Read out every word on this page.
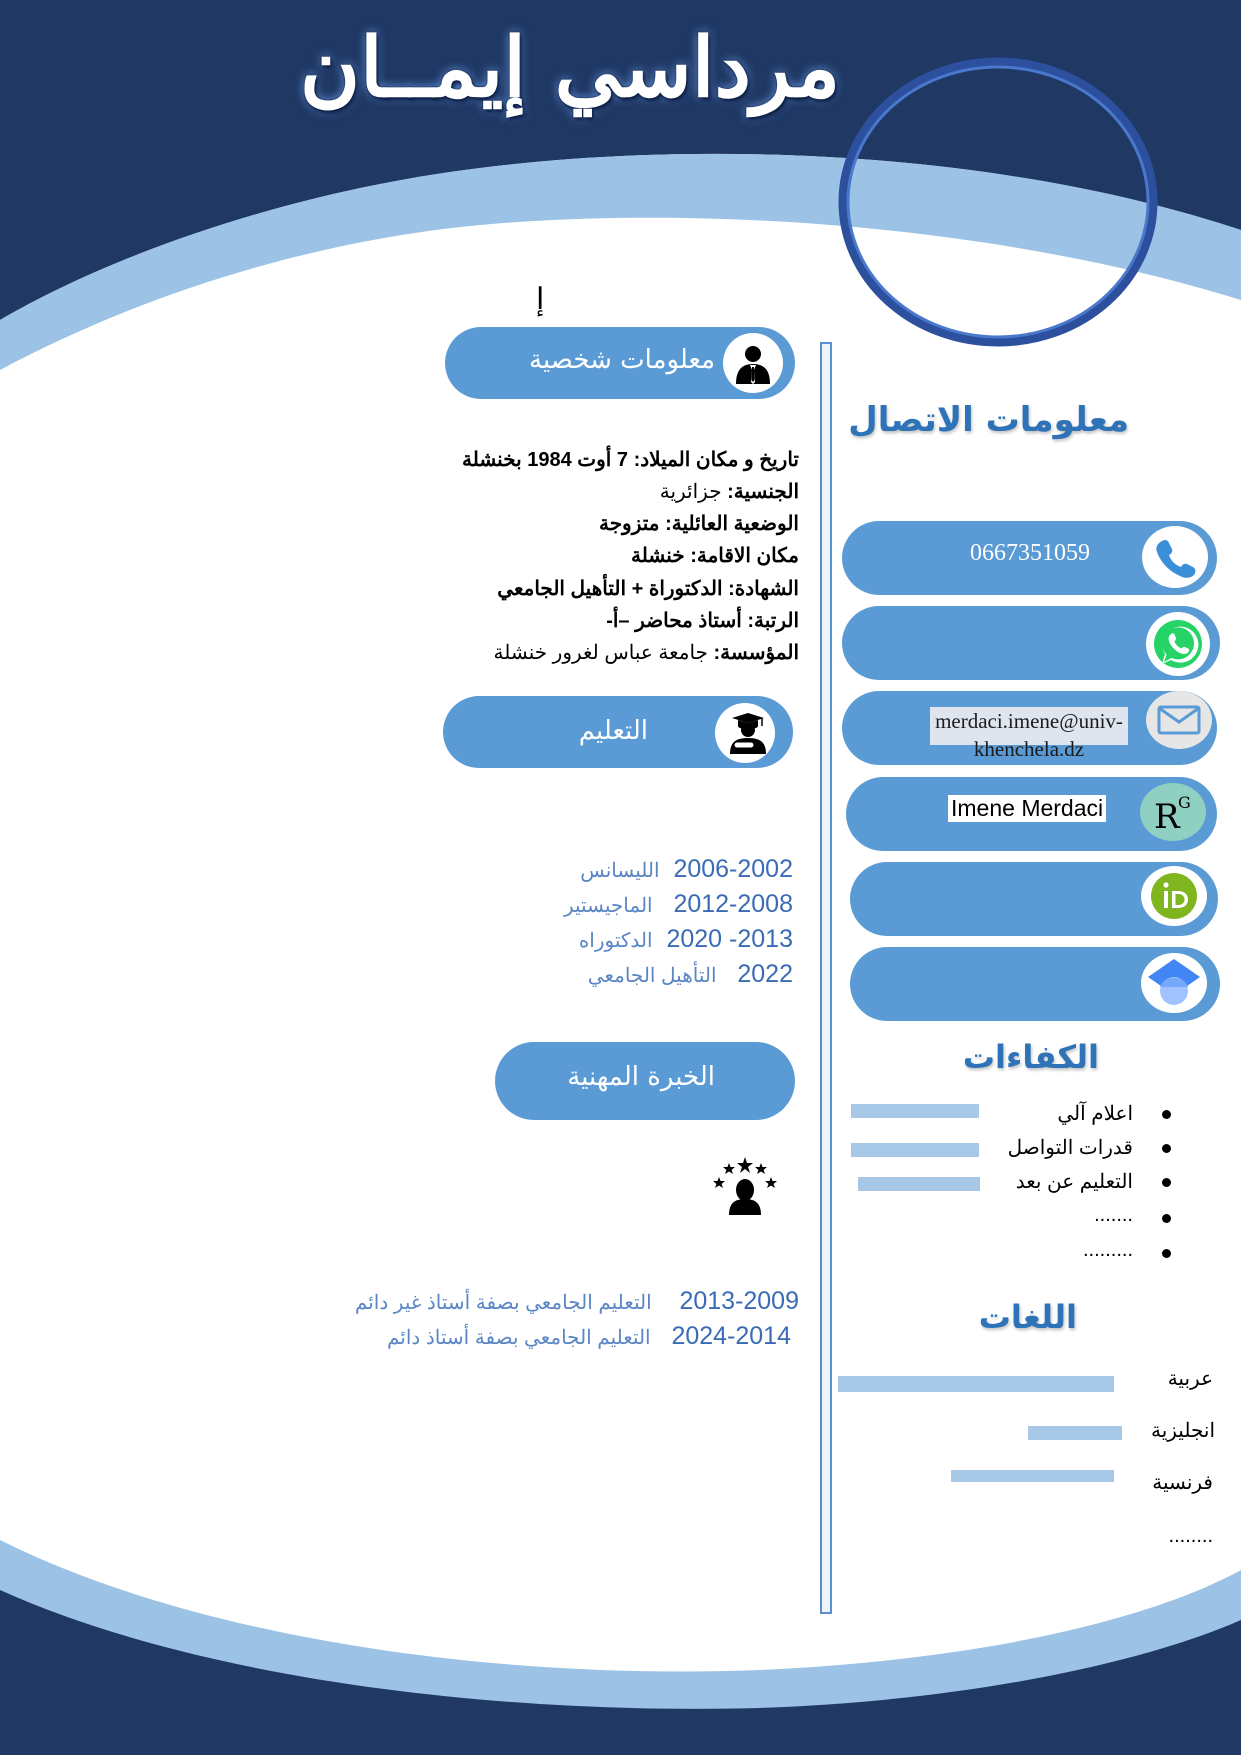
مرداسي إيمــان
إ
معلومات شخصية
تاريخ و مكان الميلاد: 7 أوت 1984 بخنشلة
الجنسية: جزائرية
الوضعية العائلية: متزوجة
مكان الاقامة: خنشلة
الشهادة: الدكتوراة + التأهيل الجامعي
الرتبة: أستاذ محاضر –أ-
المؤسسة: جامعة عباس لغرور خنشلة
التعليم
2006-2002  الليسانس
2012-2008   الماجيستير
2013- 2020  الدكتوراه
2022   التأهيل الجامعي
الخبرة المهنية
2013-2009    التعليم الجامعي بصفة أستاذ غير دائم
2024-2014   التعليم الجامعي بصفة أستاذ دائم
معلومات الاتصال
0667351059
merdaci.imene@univ-khenchela.dz
Imene Merdaci R
G
الكفاءات
اعلام آلي
قدرات التواصل
التعليم عن بعد
.......
.........
اللغات
عربية
انجليزية
فرنسية
........
